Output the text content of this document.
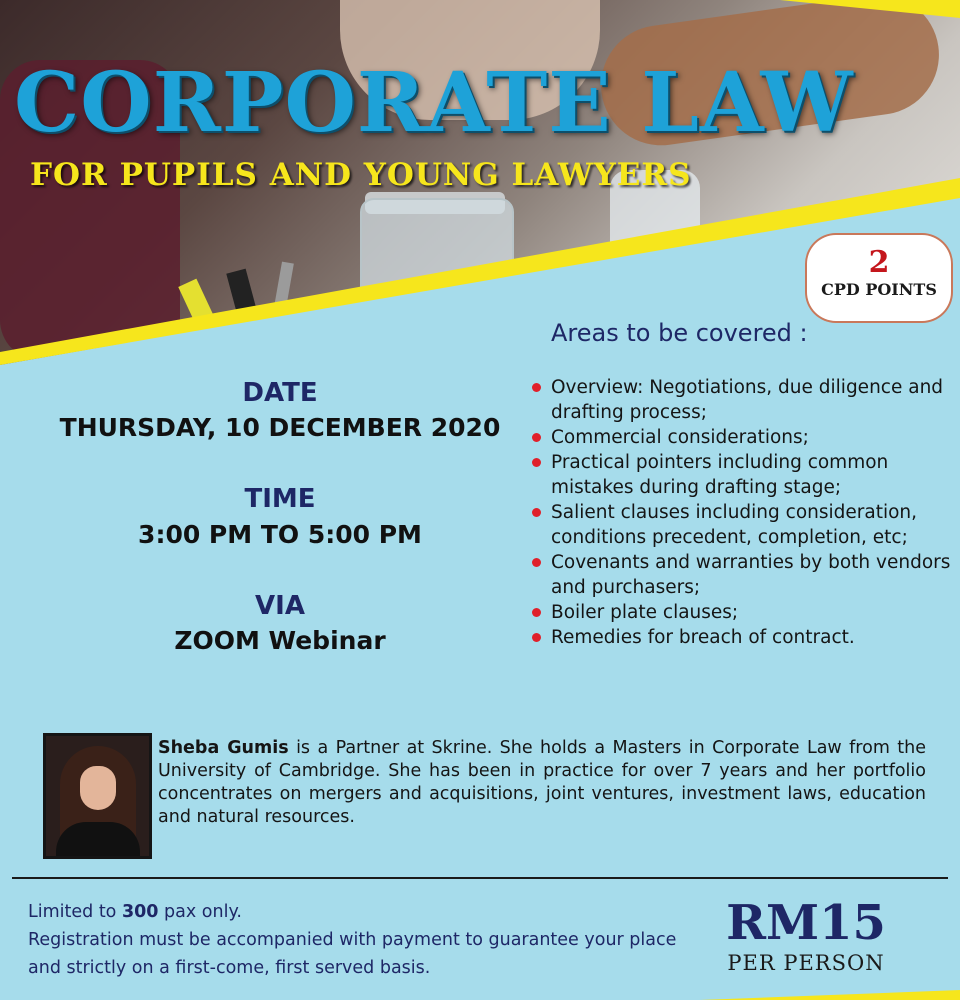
CORPORATE LAW
FOR PUPILS AND YOUNG LAWYERS
2
CPD POINTS

Areas to be covered :

DATE
THURSDAY, 10 DECEMBER 2020
TIME
3:00 PM TO 5:00 PM
VIA
ZOOM Webinar
Overview: Negotiations, due diligence and drafting process;
Commercial considerations;
Practical pointers including common mistakes during drafting stage;
Salient clauses including consideration, conditions precedent, completion, etc;
Covenants and warranties by both vendors and purchasers;
Boiler plate clauses;
Remedies for breach of contract.

Sheba Gumis is a Partner at Skrine. She holds a Masters in Corporate Law from the University of Cambridge. She has been in practice for over 7 years and her portfolio concentrates on mergers and acquisitions, joint ventures, investment laws, education and natural resources.

Limited to 300 pax only.
Registration must be accompanied with payment to guarantee your place and strictly on a first-come, first served basis.

RM15
PER PERSON
